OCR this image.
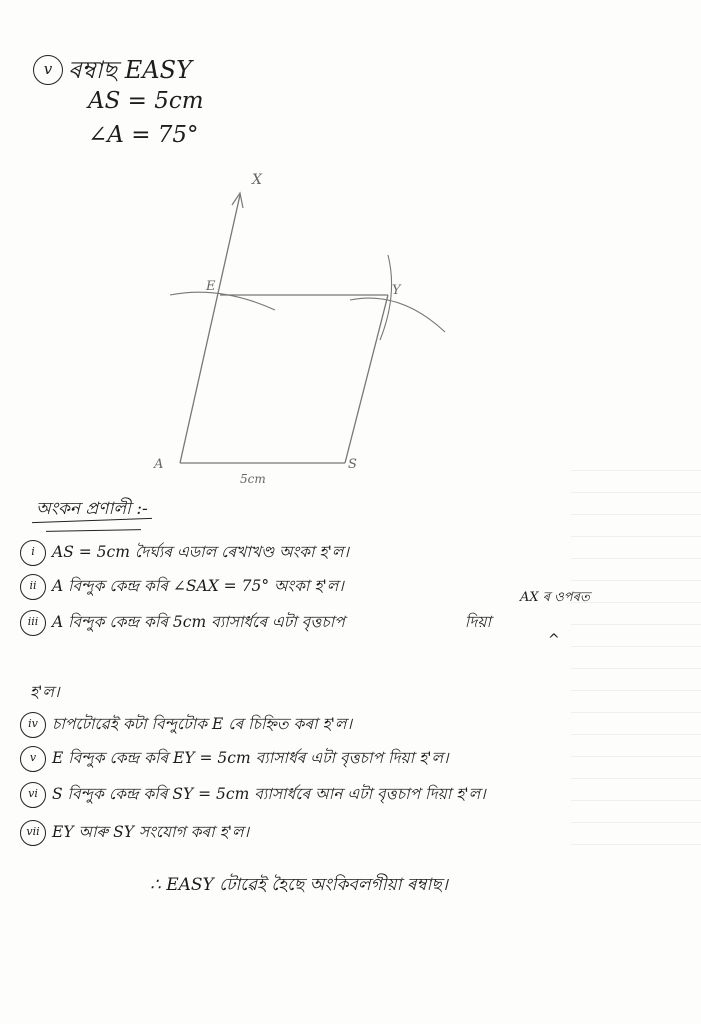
v ৰম্বাছ EASY
AS = 5cm
∠A = 75°
X
E	Y
A	S
5cm
অংকন প্ৰণালী :-
i	AS = 5cm দৈৰ্ঘ্যৰ এডাল ৰেখাখণ্ড অংকা হ'ল।
ii A বিন্দুক কেন্দ্ৰ কৰি ∠SAX = 75° অংকা হ'ল।
iii A বিন্দুক কেন্দ্ৰ কৰি 5cm ব্যাসাৰ্ধৰে এটা বৃত্তচাপ	দিয়া
AX ৰ ওপৰত
^
হ'ল।
iv চাপটোৱেই কটা বিন্দুটোক E ৰে চিহ্নিত কৰা হ'ল।
v	E বিন্দুক কেন্দ্ৰ কৰি EY = 5cm ব্যাসাৰ্ধৰ এটা বৃত্তচাপ দিয়া হ'ল।
vi S বিন্দুক কেন্দ্ৰ কৰি SY = 5cm ব্যাসাৰ্ধৰে আন এটা বৃত্তচাপ দিয়া হ'ল।
vii EY আৰু SY সংযোগ কৰা হ'ল।
∴ EASY টোৱেই হৈছে অংকিবলগীয়া ৰম্বাছ।
